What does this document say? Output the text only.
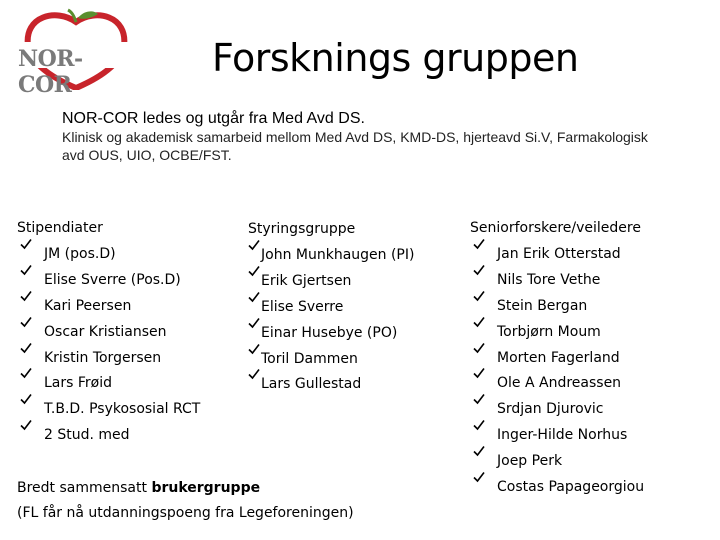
NOR-COR
Forsknings gruppen
NOR-COR ledes og utgår fra Med Avd DS.
Klinisk og akademisk samarbeid mellom Med Avd DS, KMD-DS, hjerteavd Si.V, Farmakologisk avd OUS, UIO, OCBE/FST.
Stipendiater
JM (pos.D)
Elise Sverre (Pos.D)
Kari Peersen
Oscar Kristiansen
Kristin Torgersen
Lars Frøid
T.B.D. Psykososial RCT
2 Stud. med
Styringsgruppe
John Munkhaugen (PI)
Erik Gjertsen
Elise Sverre
Einar Husebye (PO)
Toril Dammen
Lars Gullestad
Seniorforskere/veiledere
Jan Erik Otterstad
Nils Tore Vethe
Stein Bergan
Torbjørn Moum
Morten Fagerland
Ole A Andreassen
Srdjan Djurovic
Inger-Hilde Norhus
Joep Perk
Costas Papageorgiou
Bredt sammensatt brukergruppe
(FL får nå utdanningspoeng fra Legeforeningen)
